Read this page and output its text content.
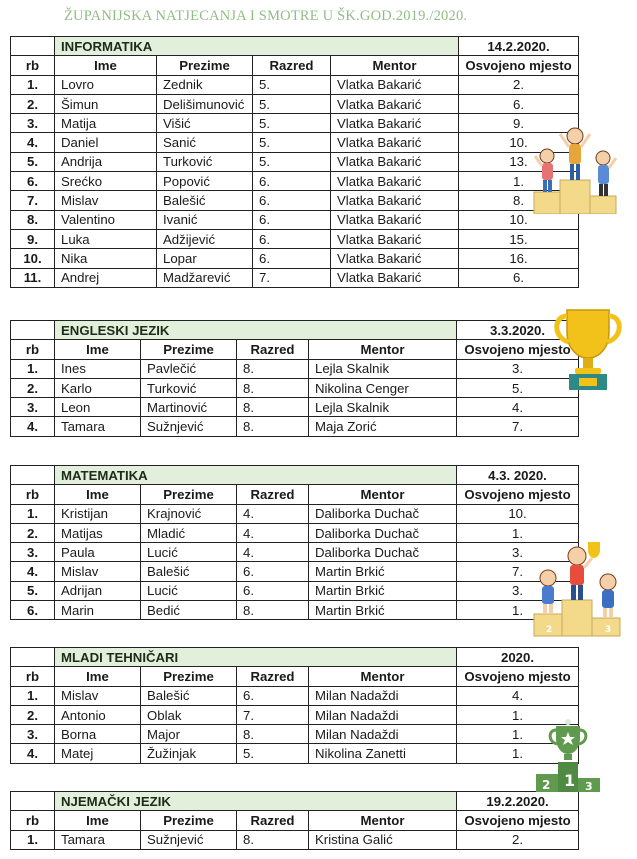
ŽUPANIJSKA NATJECANJA I SMOTRE U ŠK.GOD.2019./2020.
	INFORMATIKA				14.2.2020.
rb	Ime	Prezime	Razred	Mentor	Osvojeno mjesto
1.	Lovro	Zednik	5.	Vlatka Bakarić	2.
2.	Šimun	Delišimunović	5.	Vlatka Bakarić	6.
3.	Matija	Višić	5.	Vlatka Bakarić	9.
4.	Daniel	Sanić	5.	Vlatka Bakarić	10.
5.	Andrija	Turković	5.	Vlatka Bakarić	13.
6.	Srećko	Popović	6.	Vlatka Bakarić	1.
7.	Mislav	Balešić	6.	Vlatka Bakarić	8.
8.	Valentino	Ivanić	6.	Vlatka Bakarić	10.
9.	Luka	Adžijević	6.	Vlatka Bakarić	15.
10.	Nika	Lopar	6.	Vlatka Bakarić	16.
11.	Andrej	Madžarević	7.	Vlatka Bakarić	6.
	ENGLESKI JEZIK				3.3.2020.
rb	Ime	Prezime	Razred	Mentor	Osvojeno mjesto
1.	Ines	Pavlečić	8.	Lejla Skalnik	3.
2.	Karlo	Turković	8.	Nikolina Cenger	5.
3.	Leon	Martinović	8.	Lejla Skalnik	4.
4.	Tamara	Sužnjević	8.	Maja Zorić	7.
	MATEMATIKA				4.3. 2020.
rb	Ime	Prezime	Razred	Mentor	Osvojeno mjesto
1.	Kristijan	Krajnović	4.	Daliborka Duchač	10.
2.	Matijas	Mladić	4.	Daliborka Duchač	1.
3.	Paula	Lucić	4.	Daliborka Duchač	3.
4.	Mislav	Balešić	6.	Martin Brkić	7.
5.	Adrijan	Lucić	6.	Martin Brkić	3.
6.	Marin	Bedić	8.	Martin Brkić	1.
	MLADI TEHNIČARI				2020.
rb	Ime	Prezime	Razred	Mentor	Osvojeno mjesto
1.	Mislav	Balešić	6.	Milan Nadaždi	4.
2.	Antonio	Oblak	7.	Milan Nadaždi	1.
3.	Borna	Major	8.	Milan Nadaždi	1.
4.	Matej	Žužinjak	5.	Nikolina Zanetti	1.
	NJEMAČKI JEZIK				19.2.2020.
rb	Ime	Prezime	Razred	Mentor	Osvojeno mjesto
1.	Tamara	Sužnjević	8.	Kristina Galić	2.
2	3
1
2	3
